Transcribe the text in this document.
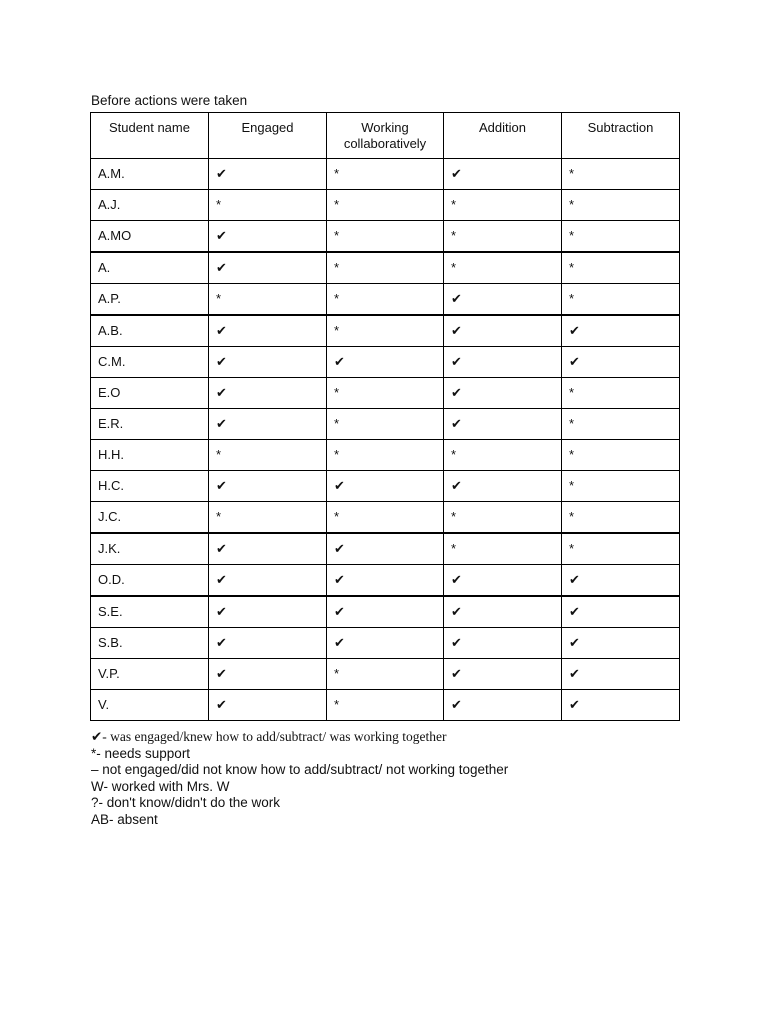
Before actions were taken
Student name	Engaged	Working collaboratively	Addition	Subtraction
A.M.	✔	*	✔	*
A.J.	*	*	*	*
A.MO	✔	*	*	*
A.	✔	*	*	*
A.P.	*	*	✔	*
A.B.	✔	*	✔	✔
C.M.	✔	✔	✔	✔
E.O	✔	*	✔	*
E.R.	✔	*	✔	*
H.H.	*	*	*	*
H.C.	✔	✔	✔	*
J.C.	*	*	*	*
J.K.	✔	✔	*	*
O.D.	✔	✔	✔	✔
S.E.	✔	✔	✔	✔
S.B.	✔	✔	✔	✔
V.P.	✔	*	✔	✔
V.	✔	*	✔	✔
✔- was engaged/knew how to add/subtract/ was working together
*- needs support
– not engaged/did not know how to add/subtract/ not working together
W- worked with Mrs. W
?- don't know/didn't do the work
AB- absent
